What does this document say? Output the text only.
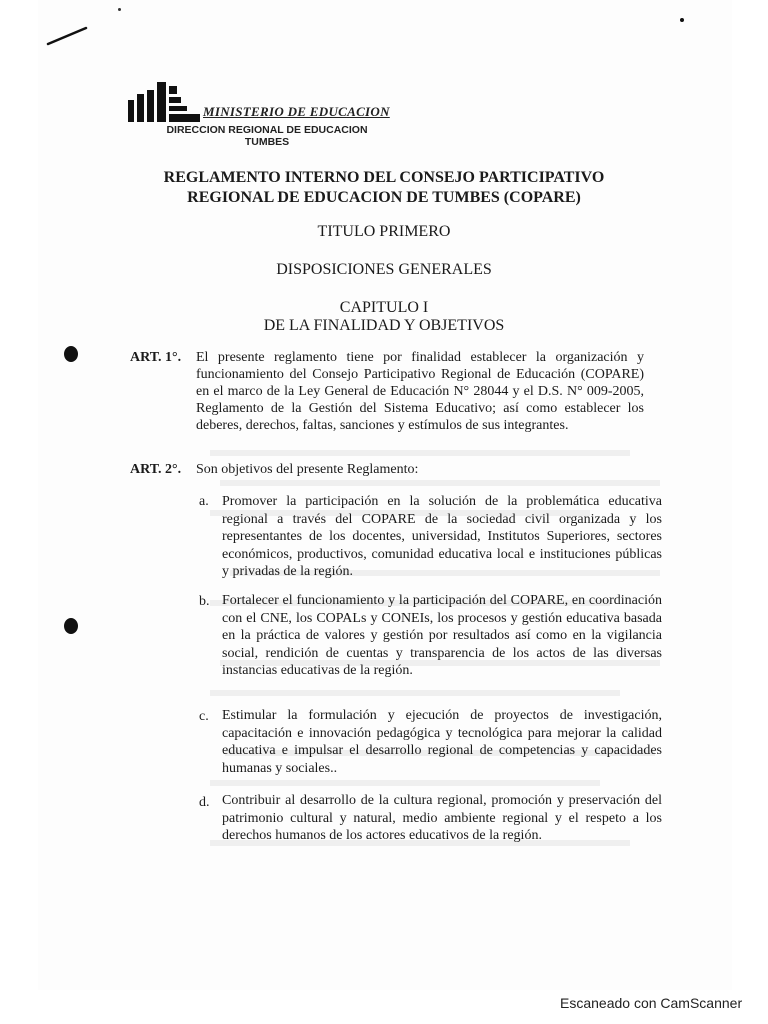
MINISTERIO DE EDUCACION
DIRECCION REGIONAL DE EDUCACION
TUMBES
REGLAMENTO INTERNO DEL CONSEJO PARTICIPATIVO
REGIONAL DE EDUCACION DE TUMBES (COPARE)
TITULO PRIMERO
DISPOSICIONES GENERALES
CAPITULO I
DE LA FINALIDAD Y OBJETIVOS
ART. 1°. El presente reglamento tiene por finalidad establecer la organización y funcionamiento del Consejo Participativo Regional de Educación (COPARE) en el marco de la Ley General de Educación N° 28044 y el D.S. N° 009-2005, Reglamento de la Gestión del Sistema Educativo; así como establecer los deberes, derechos, faltas, sanciones y estímulos de sus integrantes.
ART. 2°. Son objetivos del presente Reglamento:
a. Promover la participación en la solución de la problemática educativa regional a través del COPARE de la sociedad civil organizada y los representantes de los docentes, universidad, Institutos Superiores, sectores económicos, productivos, comunidad educativa local e instituciones públicas y privadas de la región.
b. Fortalecer el funcionamiento y la participación del COPARE, en coordinación con el CNE, los COPALs y CONEIs, los procesos y gestión educativa basada en la práctica de valores y gestión por resultados así como en la vigilancia social, rendición de cuentas y transparencia de los actos de las diversas instancias educativas de la región.
c. Estimular la formulación y ejecución de proyectos de investigación, capacitación e innovación pedagógica y tecnológica para mejorar la calidad educativa e impulsar el desarrollo regional de competencias y capacidades humanas y sociales..
d. Contribuir al desarrollo de la cultura regional, promoción y preservación del patrimonio cultural y natural, medio ambiente regional y el respeto a los derechos humanos de los actores educativos de la región.
Escaneado con CamScanner
